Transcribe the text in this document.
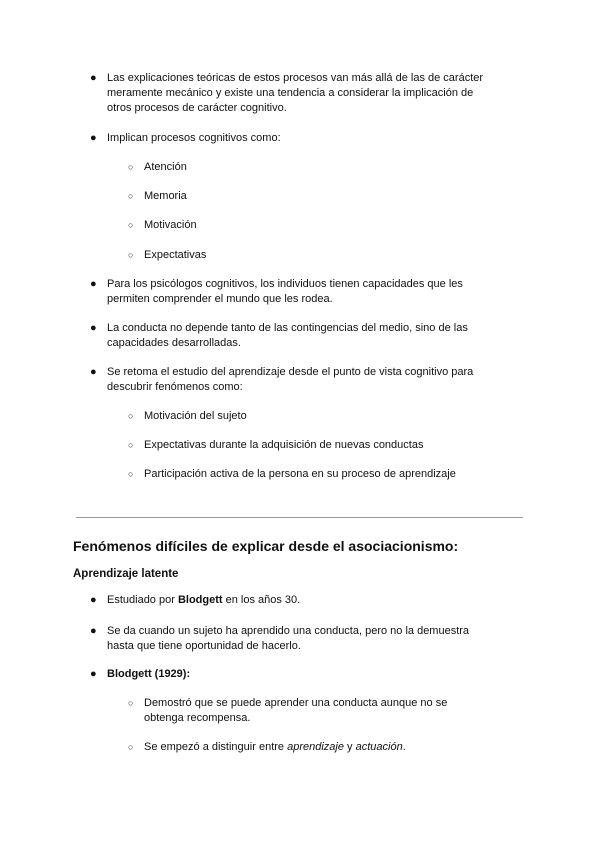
● Las explicaciones teóricas de estos procesos van más allá de las de carácter meramente mecánico y existe una tendencia a considerar la implicación de otros procesos de carácter cognitivo.
● Implican procesos cognitivos como:
○ Atención
○ Memoria
○ Motivación
○ Expectativas
● Para los psicólogos cognitivos, los individuos tienen capacidades que les permiten comprender el mundo que les rodea.
● La conducta no depende tanto de las contingencias del medio, sino de las capacidades desarrolladas.
● Se retoma el estudio del aprendizaje desde el punto de vista cognitivo para descubrir fenómenos como:
○ Motivación del sujeto
○ Expectativas durante la adquisición de nuevas conductas
○ Participación activa de la persona en su proceso de aprendizaje
Fenómenos difíciles de explicar desde el asociacionismo:
Aprendizaje latente
● Estudiado por Blodgett en los años 30.
● Se da cuando un sujeto ha aprendido una conducta, pero no la demuestra hasta que tiene oportunidad de hacerlo.
● Blodgett (1929):
○ Demostró que se puede aprender una conducta aunque no se obtenga recompensa.
○ Se empezó a distinguir entre aprendizaje y actuación.
